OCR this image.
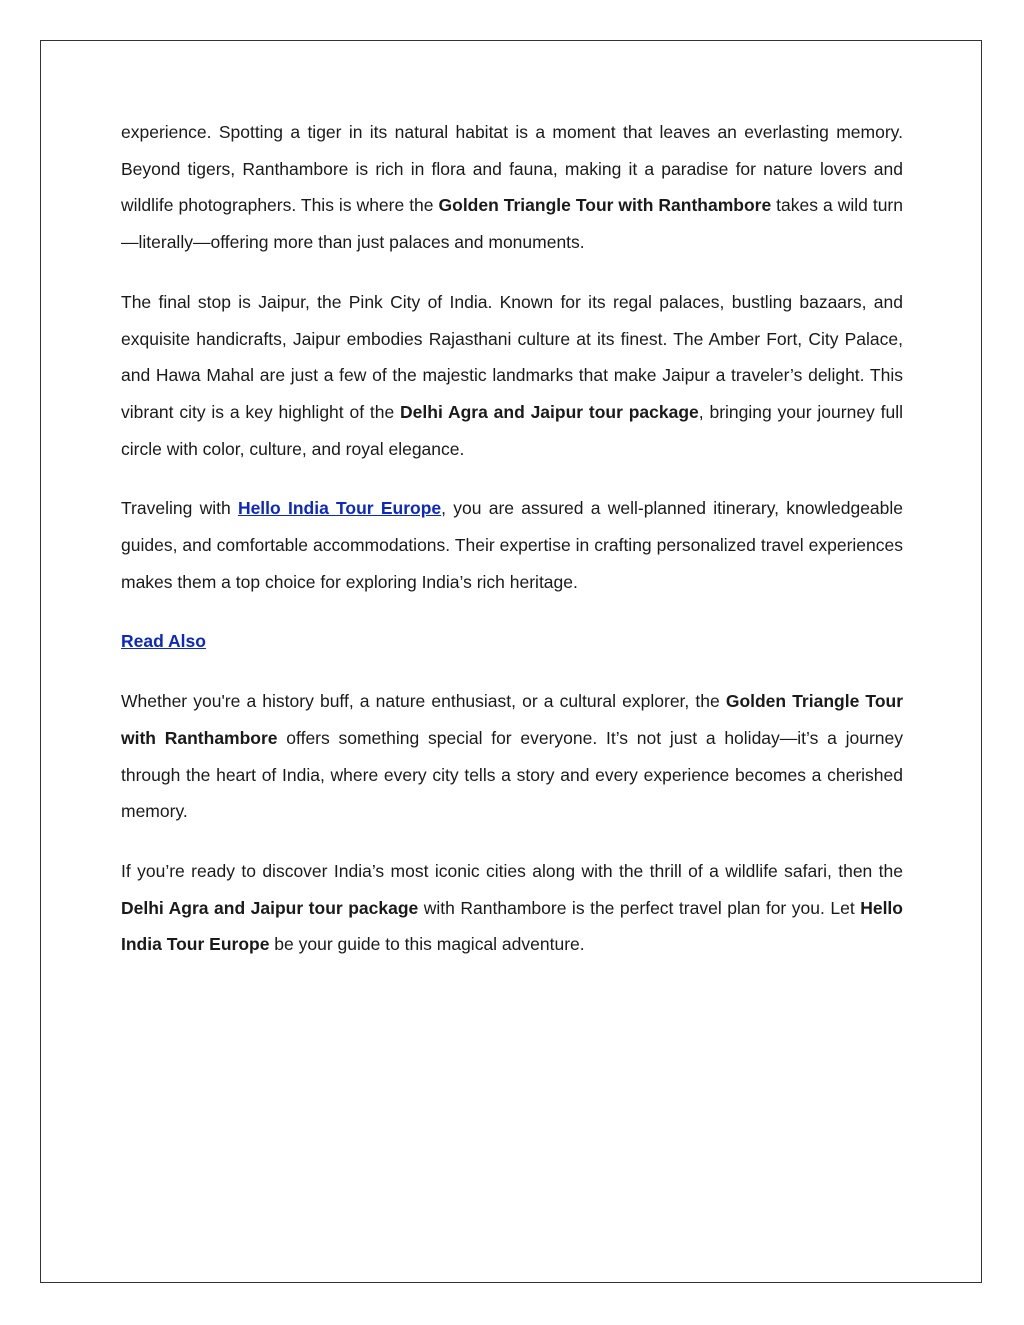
experience. Spotting a tiger in its natural habitat is a moment that leaves an everlasting memory. Beyond tigers, Ranthambore is rich in flora and fauna, making it a paradise for nature lovers and wildlife photographers. This is where the Golden Triangle Tour with Ranthambore takes a wild turn—literally—offering more than just palaces and monuments.

The final stop is Jaipur, the Pink City of India. Known for its regal palaces, bustling bazaars, and exquisite handicrafts, Jaipur embodies Rajasthani culture at its finest. The Amber Fort, City Palace, and Hawa Mahal are just a few of the majestic landmarks that make Jaipur a traveler’s delight. This vibrant city is a key highlight of the Delhi Agra and Jaipur tour package, bringing your journey full circle with color, culture, and royal elegance.

Traveling with Hello India Tour Europe, you are assured a well-planned itinerary, knowledgeable guides, and comfortable accommodations. Their expertise in crafting personalized travel experiences makes them a top choice for exploring India’s rich heritage.

Read Also

Whether you're a history buff, a nature enthusiast, or a cultural explorer, the Golden Triangle Tour with Ranthambore offers something special for everyone. It’s not just a holiday—it’s a journey through the heart of India, where every city tells a story and every experience becomes a cherished memory.

If you’re ready to discover India’s most iconic cities along with the thrill of a wildlife safari, then the Delhi Agra and Jaipur tour package with Ranthambore is the perfect travel plan for you. Let Hello India Tour Europe be your guide to this magical adventure.
